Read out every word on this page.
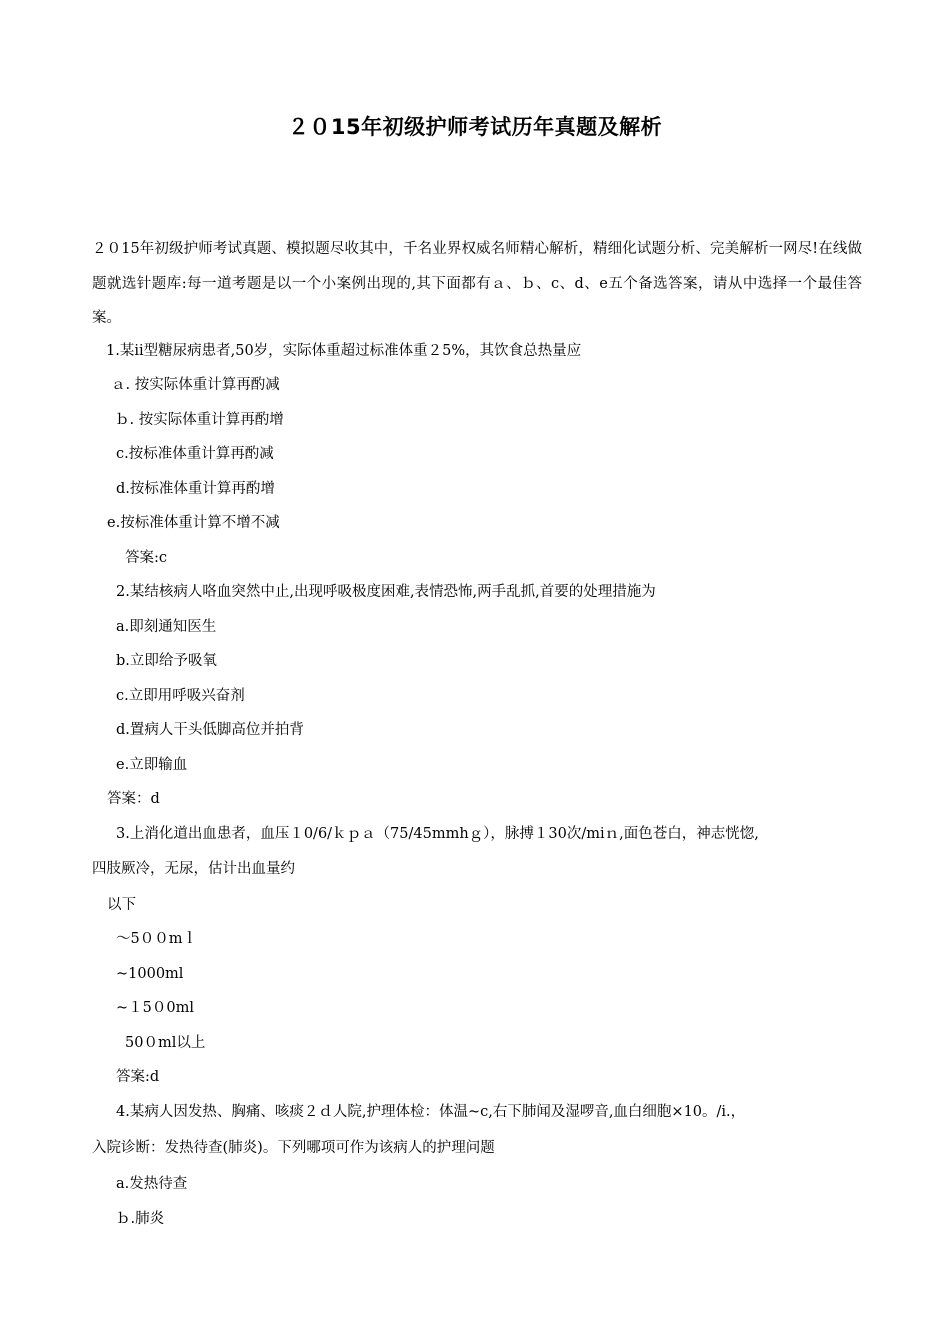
２０15年初级护师考试历年真题及解析

２０15年初级护师考试真题、模拟题尽收其中，千名业界权威名师精心解析，精细化试题分析、完美解析一网尽!在线做题就选针题库:每一道考题是以一个小案例出现的,其下面都有ａ、ｂ、c、d、e五个备选答案，请从中选择一个最佳答案。

1.某ii型糖尿病患者,50岁，实际体重超过标准体重２5%，其饮食总热量应
ａ. 按实际体重计算再酌减
ｂ. 按实际体重计算再酌增
c.按标准体重计算再酌减
d.按标准体重计算再酌增
e.按标准体重计算不增不减
答案:c
2.某结核病人咯血突然中止,出现呼吸极度困难,表情恐怖,两手乱抓,首要的处理措施为
a.即刻通知医生
b.立即给予吸氧
c.立即用呼吸兴奋剂
d.置病人干头低脚高位并拍背
e.立即输血
答案：d
3.上消化道出血患者，血压１0/6/ｋｐａ（75/45mmhｇ），脉搏１30次/miｎ,面色苍白，神志恍惚,
四肢厥冷，无尿，估计出血量约
以下
～5００mｌ
~1000ml
~１5０0ml
50０ml以上
答案:d
4.某病人因发热、胸痛、咳痰２ｄ人院,护理体检：体温~c,右下肺闻及湿啰音,血白细胞×10。/i.，
入院诊断：发热待查(肺炎)。下列哪项可作为该病人的护理问题
a.发热待查
ｂ.肺炎
